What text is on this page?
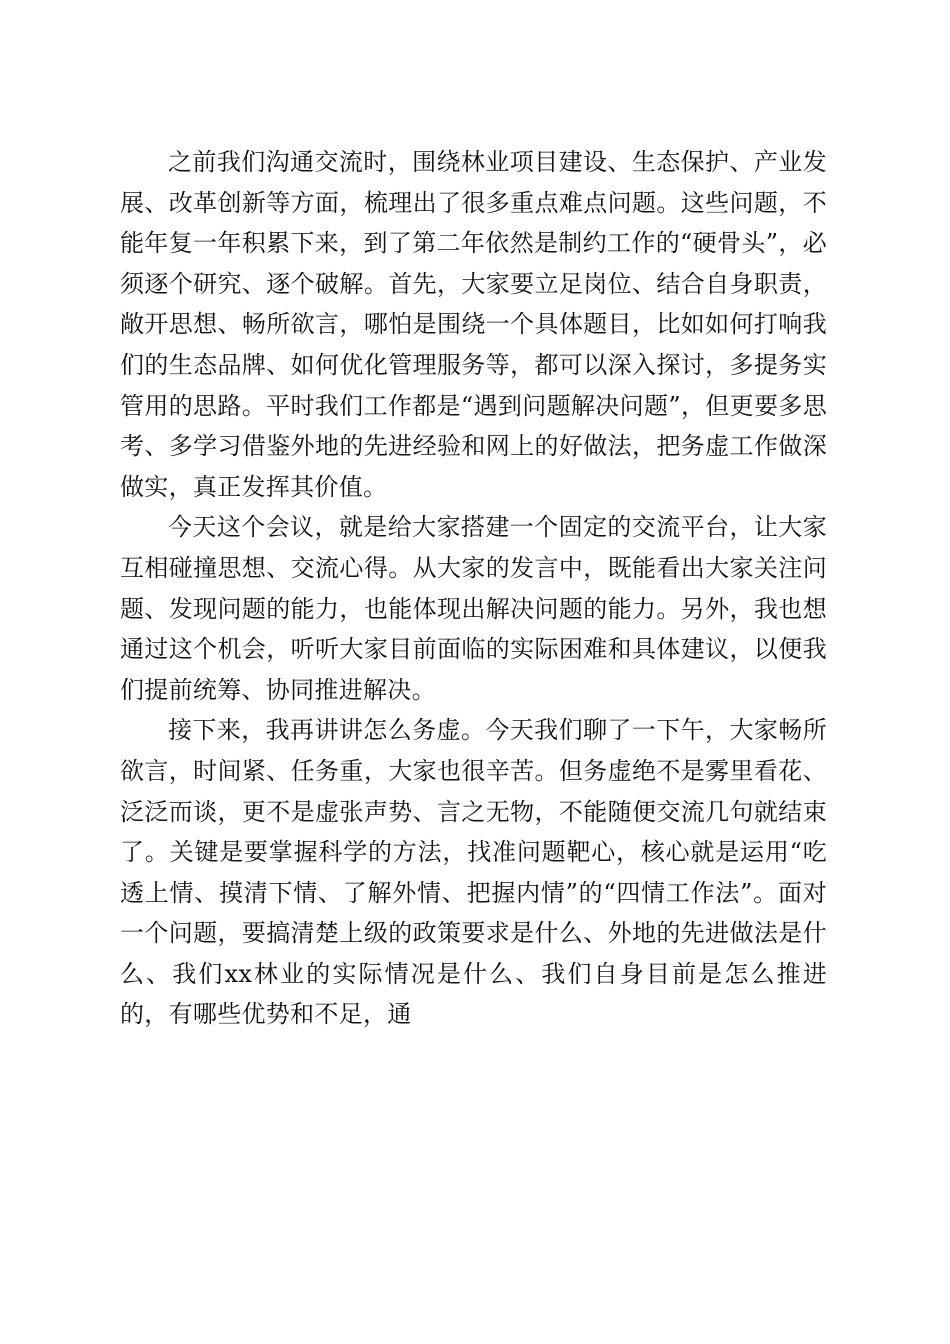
之前我们沟通交流时，围绕林业项目建设、生态保护、产业发展、改革创新等方面，梳理出了很多重点难点问题。这些问题，不能年复一年积累下来，到了第二年依然是制约工作的“硬骨头”，必须逐个研究、逐个破解。首先，大家要立足岗位、结合自身职责，敞开思想、畅所欲言，哪怕是围绕一个具体题目，比如如何打响我们的生态品牌、如何优化管理服务等，都可以深入探讨，多提务实管用的思路。平时我们工作都是“遇到问题解决问题”，但更要多思考、多学习借鉴外地的先进经验和网上的好做法，把务虚工作做深做实，真正发挥其价值。

今天这个会议，就是给大家搭建一个固定的交流平台，让大家互相碰撞思想、交流心得。从大家的发言中，既能看出大家关注问题、发现问题的能力，也能体现出解决问题的能力。另外，我也想通过这个机会，听听大家目前面临的实际困难和具体建议，以便我们提前统筹、协同推进解决。

接下来，我再讲讲怎么务虚。今天我们聊了一下午，大家畅所欲言，时间紧、任务重，大家也很辛苦。但务虚绝不是雾里看花、泛泛而谈，更不是虚张声势、言之无物，不能随便交流几句就结束了。关键是要掌握科学的方法，找准问题靶心，核心就是运用“吃透上情、摸清下情、了解外情、把握内情”的“四情工作法”。面对一个问题，要搞清楚上级的政策要求是什么、外地的先进做法是什么、我们xx林业的实际情况是什么、我们自身目前是怎么推进的，有哪些优势和不足，通
